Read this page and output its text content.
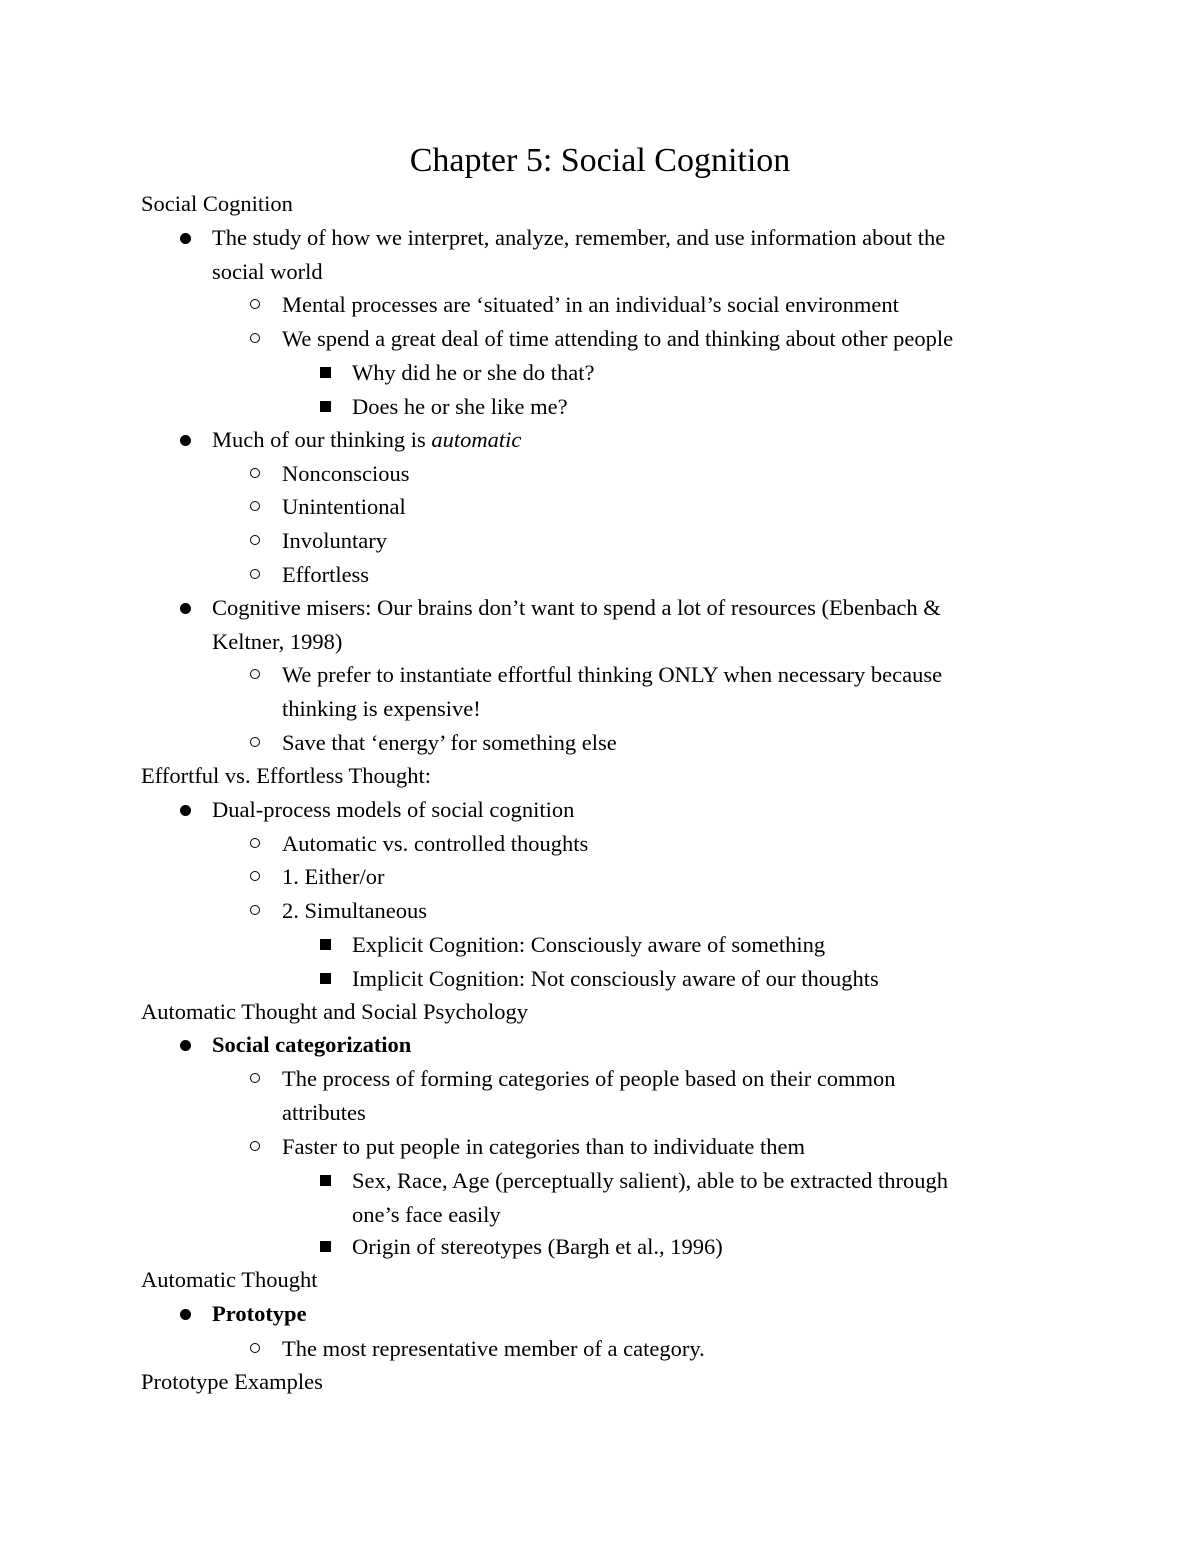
Chapter 5: Social Cognition
Social Cognition
The study of how we interpret, analyze, remember, and use information about the
social world
Mental processes are ‘situated’ in an individual’s social environment
We spend a great deal of time attending to and thinking about other people
Why did he or she do that?
Does he or she like me?
Much of our thinking is automatic
Nonconscious
Unintentional
Involuntary
Effortless
Cognitive misers: Our brains don’t want to spend a lot of resources (Ebenbach &
Keltner, 1998)
We prefer to instantiate effortful thinking ONLY when necessary because
thinking is expensive!
Save that ‘energy’ for something else
Effortful vs. Effortless Thought:
Dual-process models of social cognition
Automatic vs. controlled thoughts
1. Either/or
2. Simultaneous
Explicit Cognition: Consciously aware of something
Implicit Cognition: Not consciously aware of our thoughts
Automatic Thought and Social Psychology
Social categorization
The process of forming categories of people based on their common
attributes
Faster to put people in categories than to individuate them
Sex, Race, Age (perceptually salient), able to be extracted through
one’s face easily
Origin of stereotypes (Bargh et al., 1996)
Automatic Thought
Prototype
The most representative member of a category.
Prototype Examples
